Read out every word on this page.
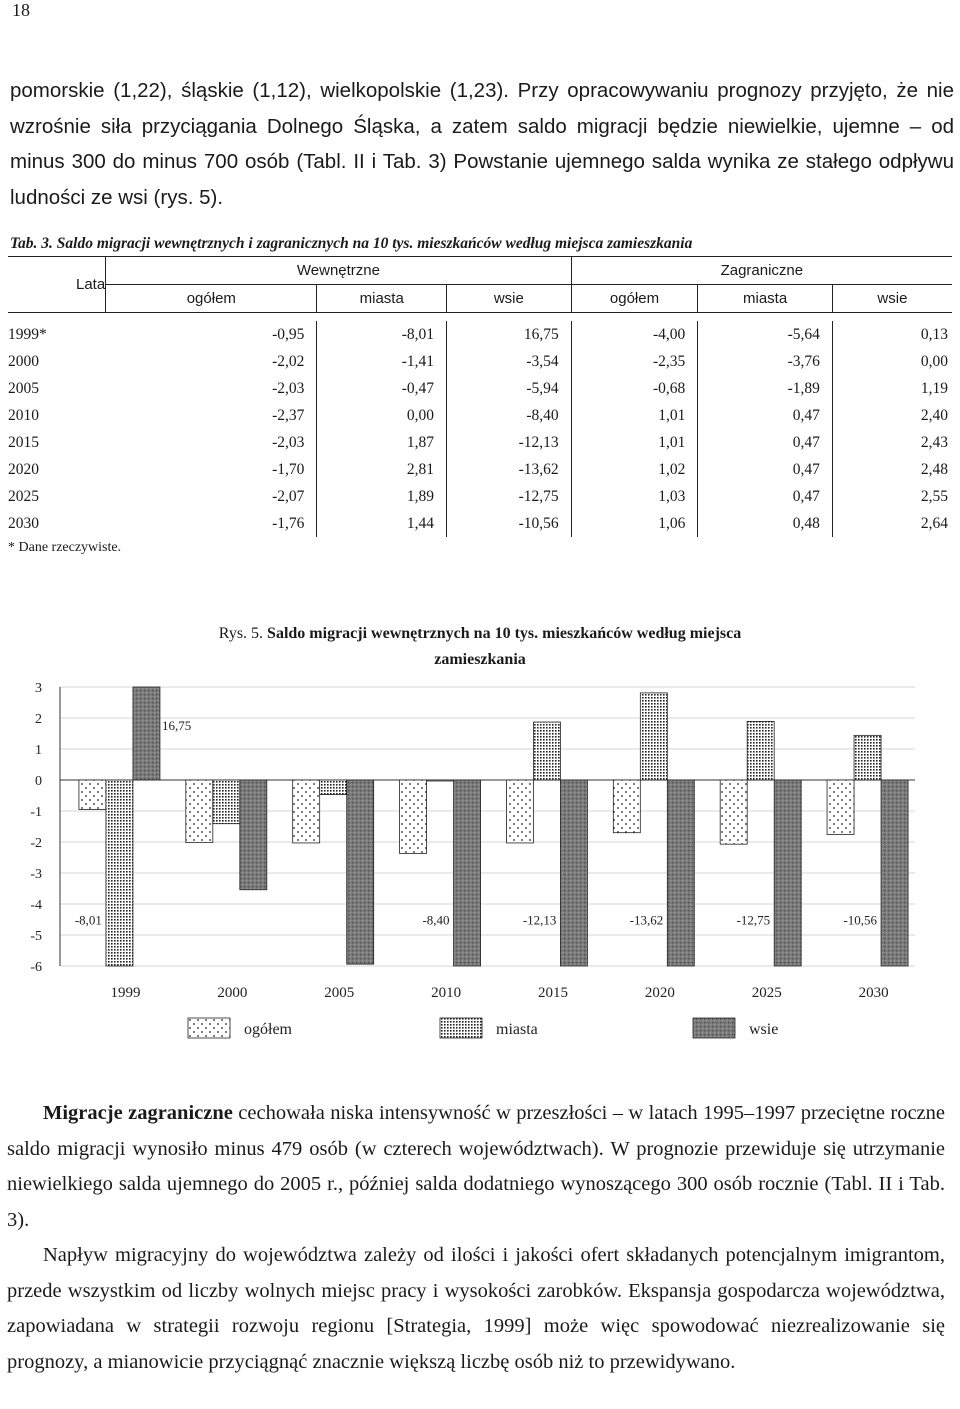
18

pomorskie (1,22), śląskie (1,12), wielkopolskie (1,23). Przy opracowywaniu prognozy przyjęto, że nie wzrośnie siła przyciągania Dolnego Śląska, a zatem saldo migracji będzie niewielkie, ujemne – od minus 300 do minus 700 osób (Tabl. II i Tab. 3) Powstanie ujemnego salda wynika ze stałego odpływu ludności ze wsi (rys. 5).

Tab. 3. Saldo migracji wewnętrznych i zagranicznych na 10 tys. mieszkańców według miejsca zamieszkania

Lata	Wewnętrzne			Zagraniczne		
	ogółem	miasta	wsie	ogółem	miasta	wsie

1999*	-0,95	-8,01	16,75	-4,00	-5,64	0,13
2000	-2,02	-1,41	-3,54	-2,35	-3,76	0,00
2005	-2,03	-0,47	-5,94	-0,68	-1,89	1,19
2010	-2,37	0,00	-8,40	1,01	0,47	2,40
2015	-2,03	1,87	-12,13	1,01	0,47	2,43
2020	-1,70	2,81	-13,62	1,02	0,47	2,48
2025	-2,07	1,89	-12,75	1,03	0,47	2,55
2030	-1,76	1,44	-10,56	1,06	0,48	2,64
* Dane rzeczywiste.
Rys. 5. Saldo migracji wewnętrznych na 10 tys. mieszkańców według miejsca
zamieszkania
3
2
1
0
-1
-2
-3
-4
-5
-6
1999	2000	2005	2010	2015	2020	2025	2030
16,75
-8,01	-8,40	-12,13	-13,62	-12,75	-10,56
ogółem	miasta	wsie

Migracje zagraniczne cechowała niska intensywność w przeszłości – w latach 1995–1997 przeciętne roczne saldo migracji wynosiło minus 479 osób (w czterech województwach). W prognozie przewiduje się utrzymanie niewielkiego salda ujemnego do 2005 r., później salda dodatniego wynoszącego 300 osób rocznie (Tabl. II i Tab. 3).

Napływ migracyjny do województwa zależy od ilości i jakości ofert składanych potencjalnym imigrantom, przede wszystkim od liczby wolnych miejsc pracy i wysokości zarobków. Ekspansja gospodarcza województwa, zapowiadana w strategii rozwoju regionu [Strategia, 1999] może więc spowodować niezrealizowanie się prognozy, a mianowicie przyciągnąć znacznie większą liczbę osób niż to przewidywano.
